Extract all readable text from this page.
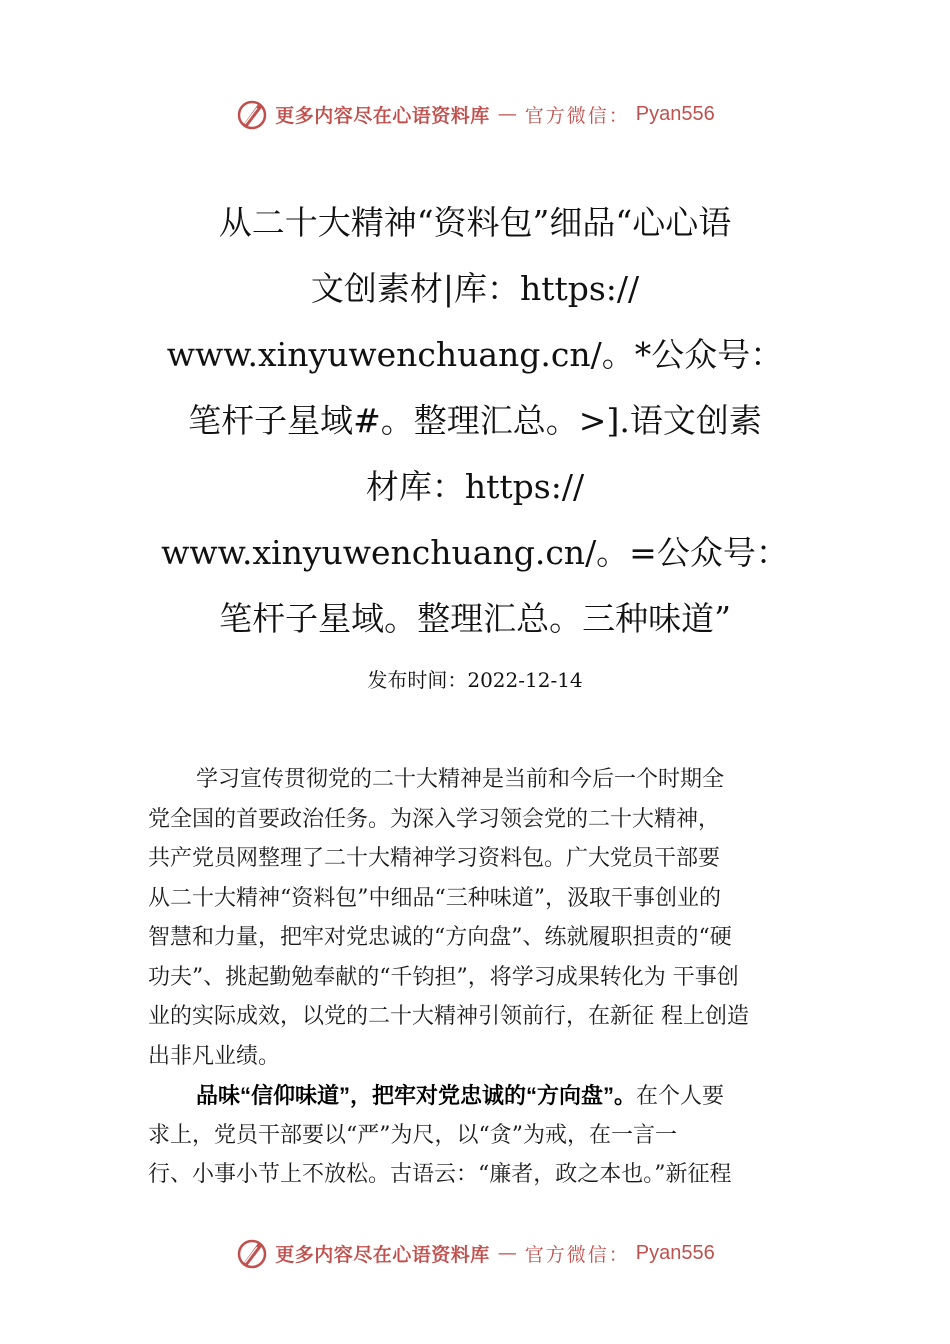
更多内容尽在心语资料库 — 官方微信： Pyan556
从二十大精神“资料包”细品“心心语
文创素材|库：https://
www.xinyuwenchuang.cn/。*公众号：
笔杆子星域#。整理汇总。>].语文创素
材库：https://
www.xinyuwenchuang.cn/。=公众号：
笔杆子星域。整理汇总。三种味道”
发布时间：2022-12-14
学习宣传贯彻党的二十大精神是当前和今后一个时期全
党全国的首要政治任务。为深入学习领会党的二十大精神，
共产党员网整理了二十大精神学习资料包。广大党员干部要
从二十大精神“资料包”中细品“三种味道”，汲取干事创业的
智慧和力量，把牢对党忠诚的“方向盘”、练就履职担责的“硬
功夫”、挑起勤勉奉献的“千钧担”，将学习成果转化为 干事创
业的实际成效，以党的二十大精神引领前行，在新征 程上创造
出非凡业绩。
品味“信仰味道”，把牢对党忠诚的“方向盘”。在个人要
求上，党员干部要以“严”为尺，以“贪”为戒，在一言一
行、小事小节上不放松。古语云：“廉者，政之本也。”新征程
更多内容尽在心语资料库 — 官方微信： Pyan556
